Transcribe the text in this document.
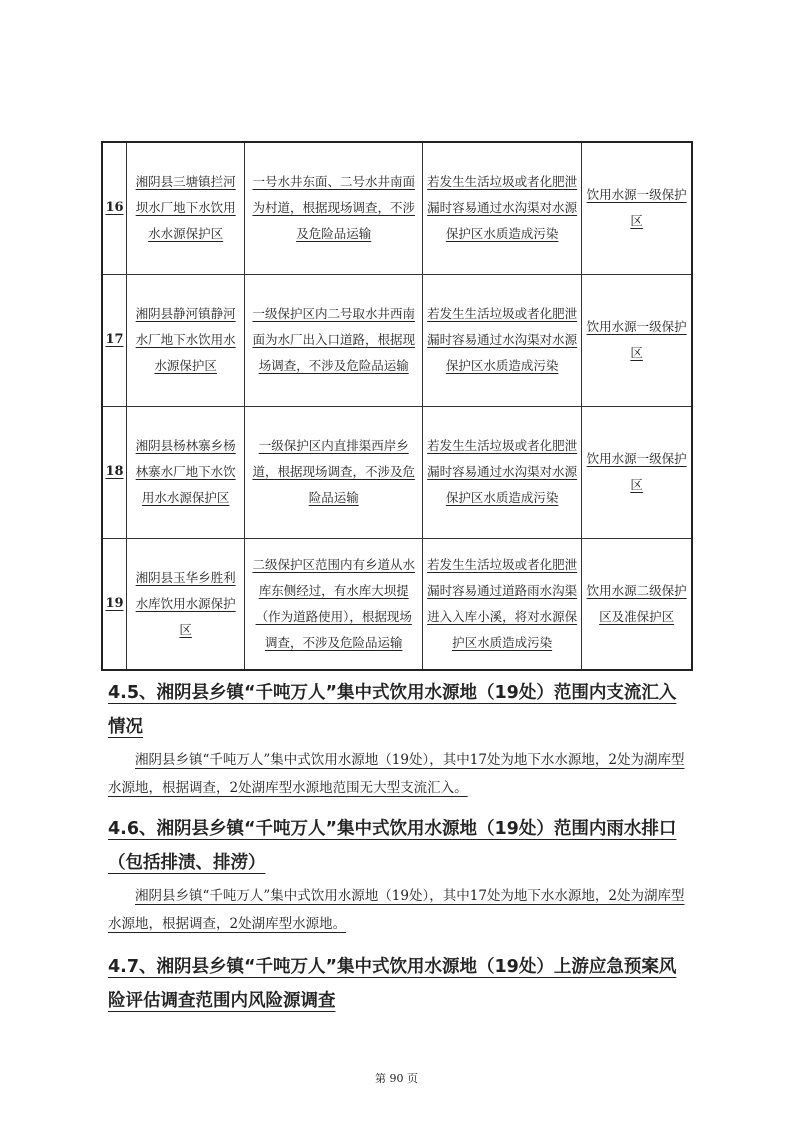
16	湘阴县三塘镇拦河坝水厂地下水饮用水水源保护区	一号水井东面、二号水井南面为村道，根据现场调查，不涉及危险品运输	若发生生活垃圾或者化肥泄漏时容易通过水沟渠对水源保护区水质造成污染	饮用水源一级保护区
17	湘阴县静河镇静河水厂地下水饮用水水源保护区	一级保护区内二号取水井西南面为水厂出入口道路，根据现场调查，不涉及危险品运输	若发生生活垃圾或者化肥泄漏时容易通过水沟渠对水源保护区水质造成污染	饮用水源一级保护区
18	湘阴县杨林寨乡杨林寨水厂地下水饮用水水源保护区	一级保护区内直排渠西岸乡道，根据现场调查，不涉及危险品运输	若发生生活垃圾或者化肥泄漏时容易通过水沟渠对水源保护区水质造成污染	饮用水源一级保护区
19	湘阴县玉华乡胜利水库饮用水源保护区	二级保护区范围内有乡道从水库东侧经过，有水库大坝提（作为道路使用），根据现场调查，不涉及危险品运输	若发生生活垃圾或者化肥泄漏时容易通过道路雨水沟渠进入入库小溪，将对水源保护区水质造成污染	饮用水源二级保护区及准保护区
4.5、湘阴县乡镇“千吨万人”集中式饮用水源地（19处）范围内支流汇入情况

湘阴县乡镇“千吨万人”集中式饮用水源地（19处），其中17处为地下水水源地，2处为湖库型水源地，根据调查，2处湖库型水源地范围无大型支流汇入。

4.6、湘阴县乡镇“千吨万人”集中式饮用水源地（19处）范围内雨水排口（包括排渍、排涝）

湘阴县乡镇“千吨万人”集中式饮用水源地（19处），其中17处为地下水水源地，2处为湖库型水源地，根据调查，2处湖库型水源地。

4.7、湘阴县乡镇“千吨万人”集中式饮用水源地（19处）上游应急预案风险评估调查范围内风险源调查
第 90 页
